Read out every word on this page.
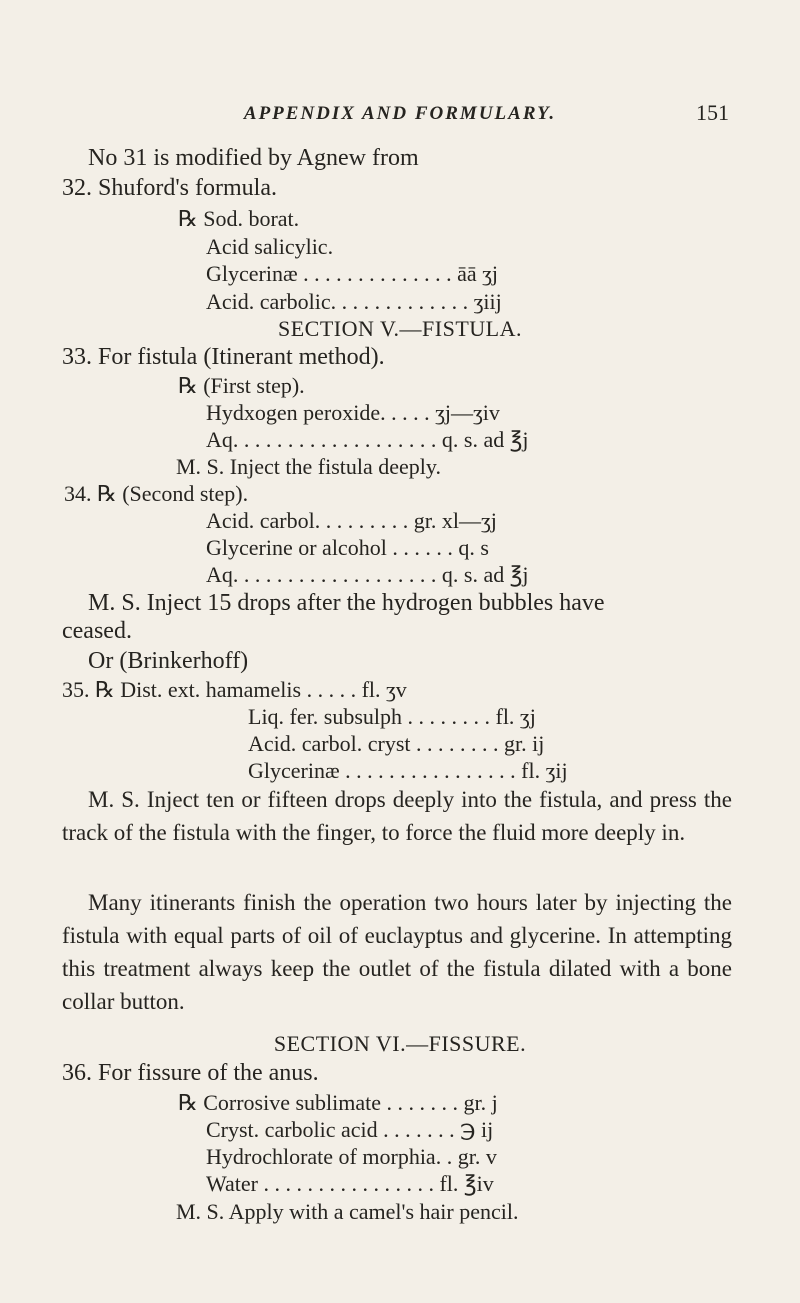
APPENDIX AND FORMULARY.	151
No 31 is modified by Agnew from
32. Shuford's formula.
℞ Sod. borat.
Acid salicylic.
Glycerinæ . . . . . . . . . . . . . . āā ʒj
Acid. carbolic. . . . . . . . . . . . . ʒiij
SECTION V.—FISTULA.
33. For fistula (Itinerant method).
℞ (First step).
Hydxogen peroxide. . . . . ʒj—ʒiv
Aq. . . . . . . . . . . . . . . . . . . q. s. ad ℥j
M. S. Inject the fistula deeply.
34. ℞ (Second step).
Acid. carbol. . . . . . . . . gr. xl—ʒj
Glycerine or alcohol . . . . . . q. s
Aq. . . . . . . . . . . . . . . . . . . q. s. ad ℥j
M. S. Inject 15 drops after the hydrogen bubbles have
ceased.
Or (Brinkerhoff)
35. ℞ Dist. ext. hamamelis . . . . . fl. ʒv
Liq. fer. subsulph . . . . . . . . fl. ʒj
Acid. carbol. cryst . . . . . . . . gr. ij
Glycerinæ . . . . . . . . . . . . . . . . fl. ʒij
M. S. Inject ten or fifteen drops deeply into the fistula, and press the track of the fistula with the finger, to force the fluid more deeply in.
Many itinerants finish the operation two hours later by injecting the fistula with equal parts of oil of euclayptus and glycerine. In attempting this treatment always keep the outlet of the fistula dilated with a bone collar button.
SECTION VI.—FISSURE.
36. For fissure of the anus.
℞ Corrosive sublimate . . . . . . . gr. j
Cryst. carbolic acid . . . . . . . ℈ ij
Hydrochlorate of morphia. . gr. v
Water . . . . . . . . . . . . . . . . fl. ℥iv
M. S. Apply with a camel's hair pencil.
